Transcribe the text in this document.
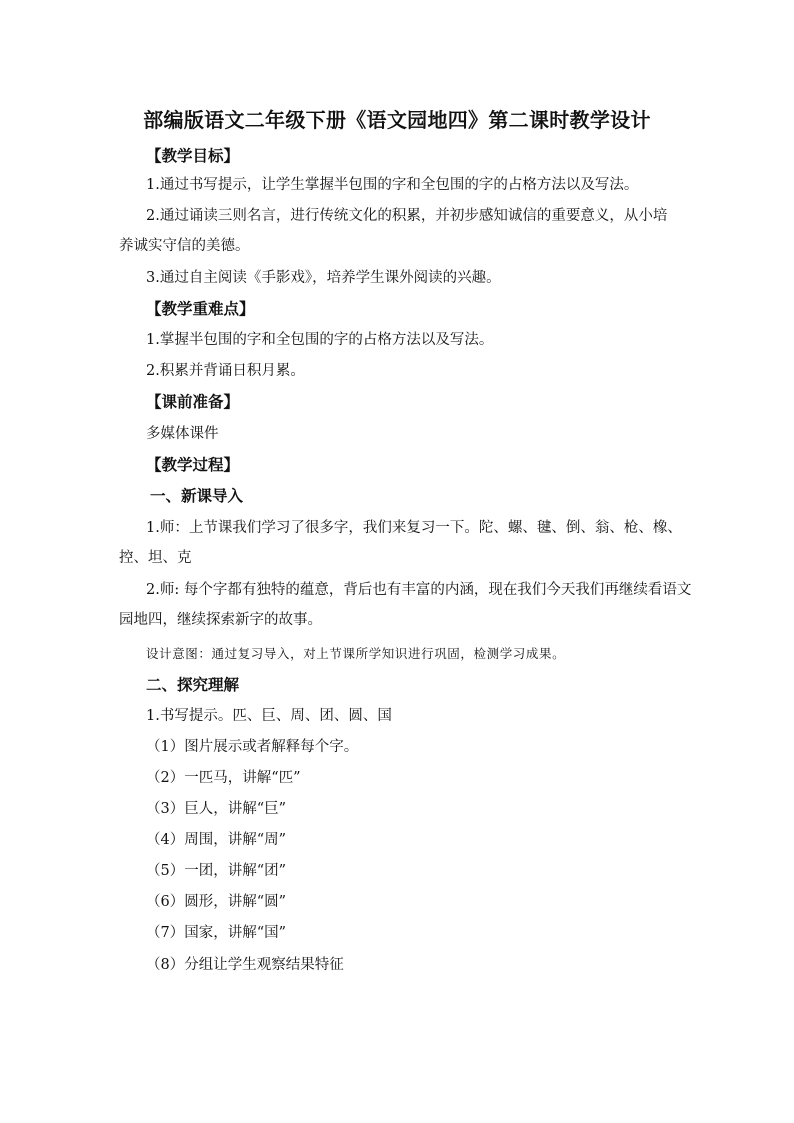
部编版语文二年级下册《语文园地四》第二课时教学设计
【教学目标】
1.通过书写提示，让学生掌握半包围的字和全包围的字的占格方法以及写法。
2.通过诵读三则名言，进行传统文化的积累，并初步感知诚信的重要意义，从小培
养诚实守信的美德。
3.通过自主阅读《手影戏》，培养学生课外阅读的兴趣。
【教学重难点】
1.掌握半包围的字和全包围的字的占格方法以及写法。
2.积累并背诵日积月累。
【课前准备】
多媒体课件
【教学过程】
一、新课导入
1.师：上节课我们学习了很多字，我们来复习一下。陀、螺、毽、倒、翁、枪、橡、
控、坦、克
2.师: 每个字都有独特的蕴意，背后也有丰富的内涵，现在我们今天我们再继续看语文
园地四，继续探索新字的故事。
设计意图：通过复习导入，对上节课所学知识进行巩固，检测学习成果。
二、探究理解
1.书写提示。匹、巨、周、团、圆、国
（1）图片展示或者解释每个字。
（2）一匹马，讲解“匹”
（3）巨人，讲解“巨”
（4）周围，讲解“周”
（5）一团，讲解“团”
（6）圆形，讲解“圆”
（7）国家，讲解“国”
（8）分组让学生观察结果特征
